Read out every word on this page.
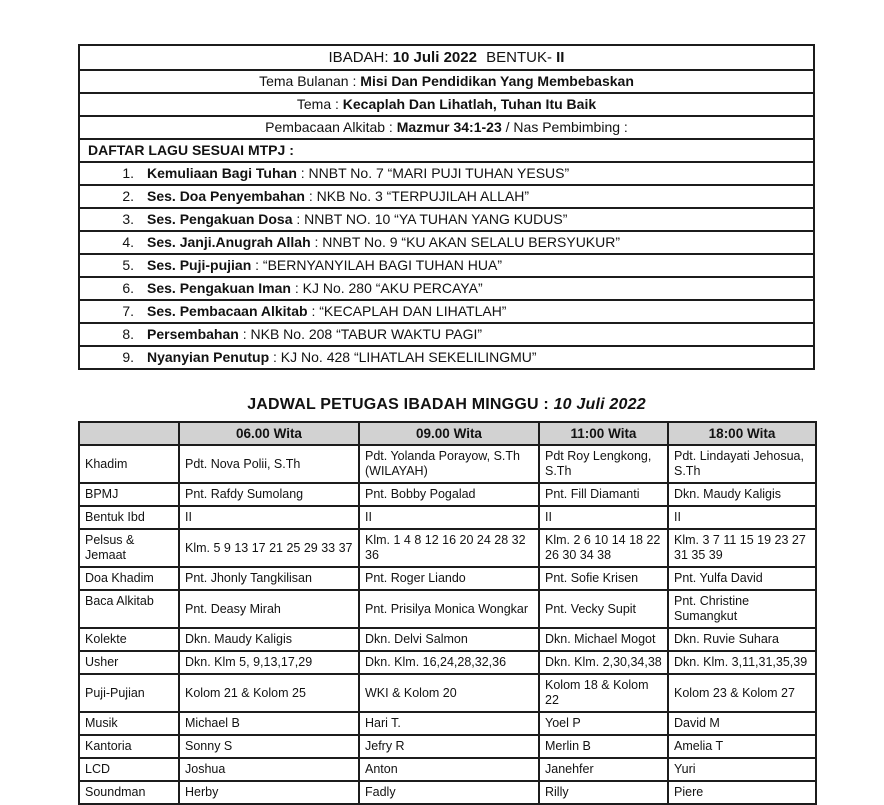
IBADAH: 10 Juli 2022 BENTUK- II
Tema Bulanan : Misi Dan Pendidikan Yang Membebaskan
Tema : Kecaplah Dan Lihatlah, Tuhan Itu Baik
Pembacaan Alkitab : Mazmur 34:1-23 / Nas Pembimbing :
DAFTAR LAGU SESUAI MTPJ :
1. Kemuliaan Bagi Tuhan : NNBT No. 7 “MARI PUJI TUHAN YESUS”
2. Ses. Doa Penyembahan : NKB No. 3 “TERPUJILAH ALLAH”
3. Ses. Pengakuan Dosa : NNBT NO. 10 “YA TUHAN YANG KUDUS”
4. Ses. Janji.Anugrah Allah : NNBT No. 9 “KU AKAN SELALU BERSYUKUR”
5. Ses. Puji-pujian : “BERNYANYILAH BAGI TUHAN HUA”
6. Ses. Pengakuan Iman : KJ No. 280 “AKU PERCAYA”
7. Ses. Pembacaan Alkitab : “KECAPLAH DAN LIHATLAH”
8. Persembahan : NKB No. 208 “TABUR WAKTU PAGI”
9. Nyanyian Penutup : KJ No. 428 “LIHATLAH SEKELILINGMU”
JADWAL PETUGAS IBADAH MINGGU : 10 Juli 2022
	06.00 Wita	09.00 Wita	11:00 Wita	18:00 Wita
Khadim	Pdt. Nova Polii, S.Th	Pdt. Yolanda Porayow, S.Th (WILAYAH)	Pdt Roy Lengkong, S.Th	Pdt. Lindayati Jehosua, S.Th
BPMJ	Pnt. Rafdy Sumolang	Pnt. Bobby Pogalad	Pnt. Fill Diamanti	Dkn. Maudy Kaligis
Bentuk Ibd	II	II	II	II
Pelsus & Jemaat	Klm. 5 9 13 17 21 25 29 33 37	Klm. 1 4 8 12 16 20 24 28 32 36	Klm. 2 6 10 14 18 22 26 30 34 38	Klm. 3 7 11 15 19 23 27 31 35 39
Doa Khadim	Pnt. Jhonly Tangkilisan	Pnt. Roger Liando	Pnt. Sofie Krisen	Pnt. Yulfa David
Baca Alkitab	Pnt. Deasy Mirah	Pnt. Prisilya Monica Wongkar	Pnt. Vecky Supit	Pnt. Christine Sumangkut
Kolekte	Dkn. Maudy Kaligis	Dkn. Delvi Salmon	Dkn. Michael Mogot	Dkn. Ruvie Suhara
Usher	Dkn. Klm 5, 9,13,17,29	Dkn. Klm. 16,24,28,32,36	Dkn. Klm. 2,30,34,38	Dkn. Klm. 3,11,31,35,39
Puji-Pujian	Kolom 21 & Kolom 25	WKI & Kolom 20	Kolom 18 & Kolom 22	Kolom 23 & Kolom 27
Musik	Michael B	Hari T.	Yoel P	David M
Kantoria	Sonny S	Jefry R	Merlin B	Amelia T
LCD	Joshua	Anton	Janehfer	Yuri
Soundman	Herby	Fadly	Rilly	Piere
